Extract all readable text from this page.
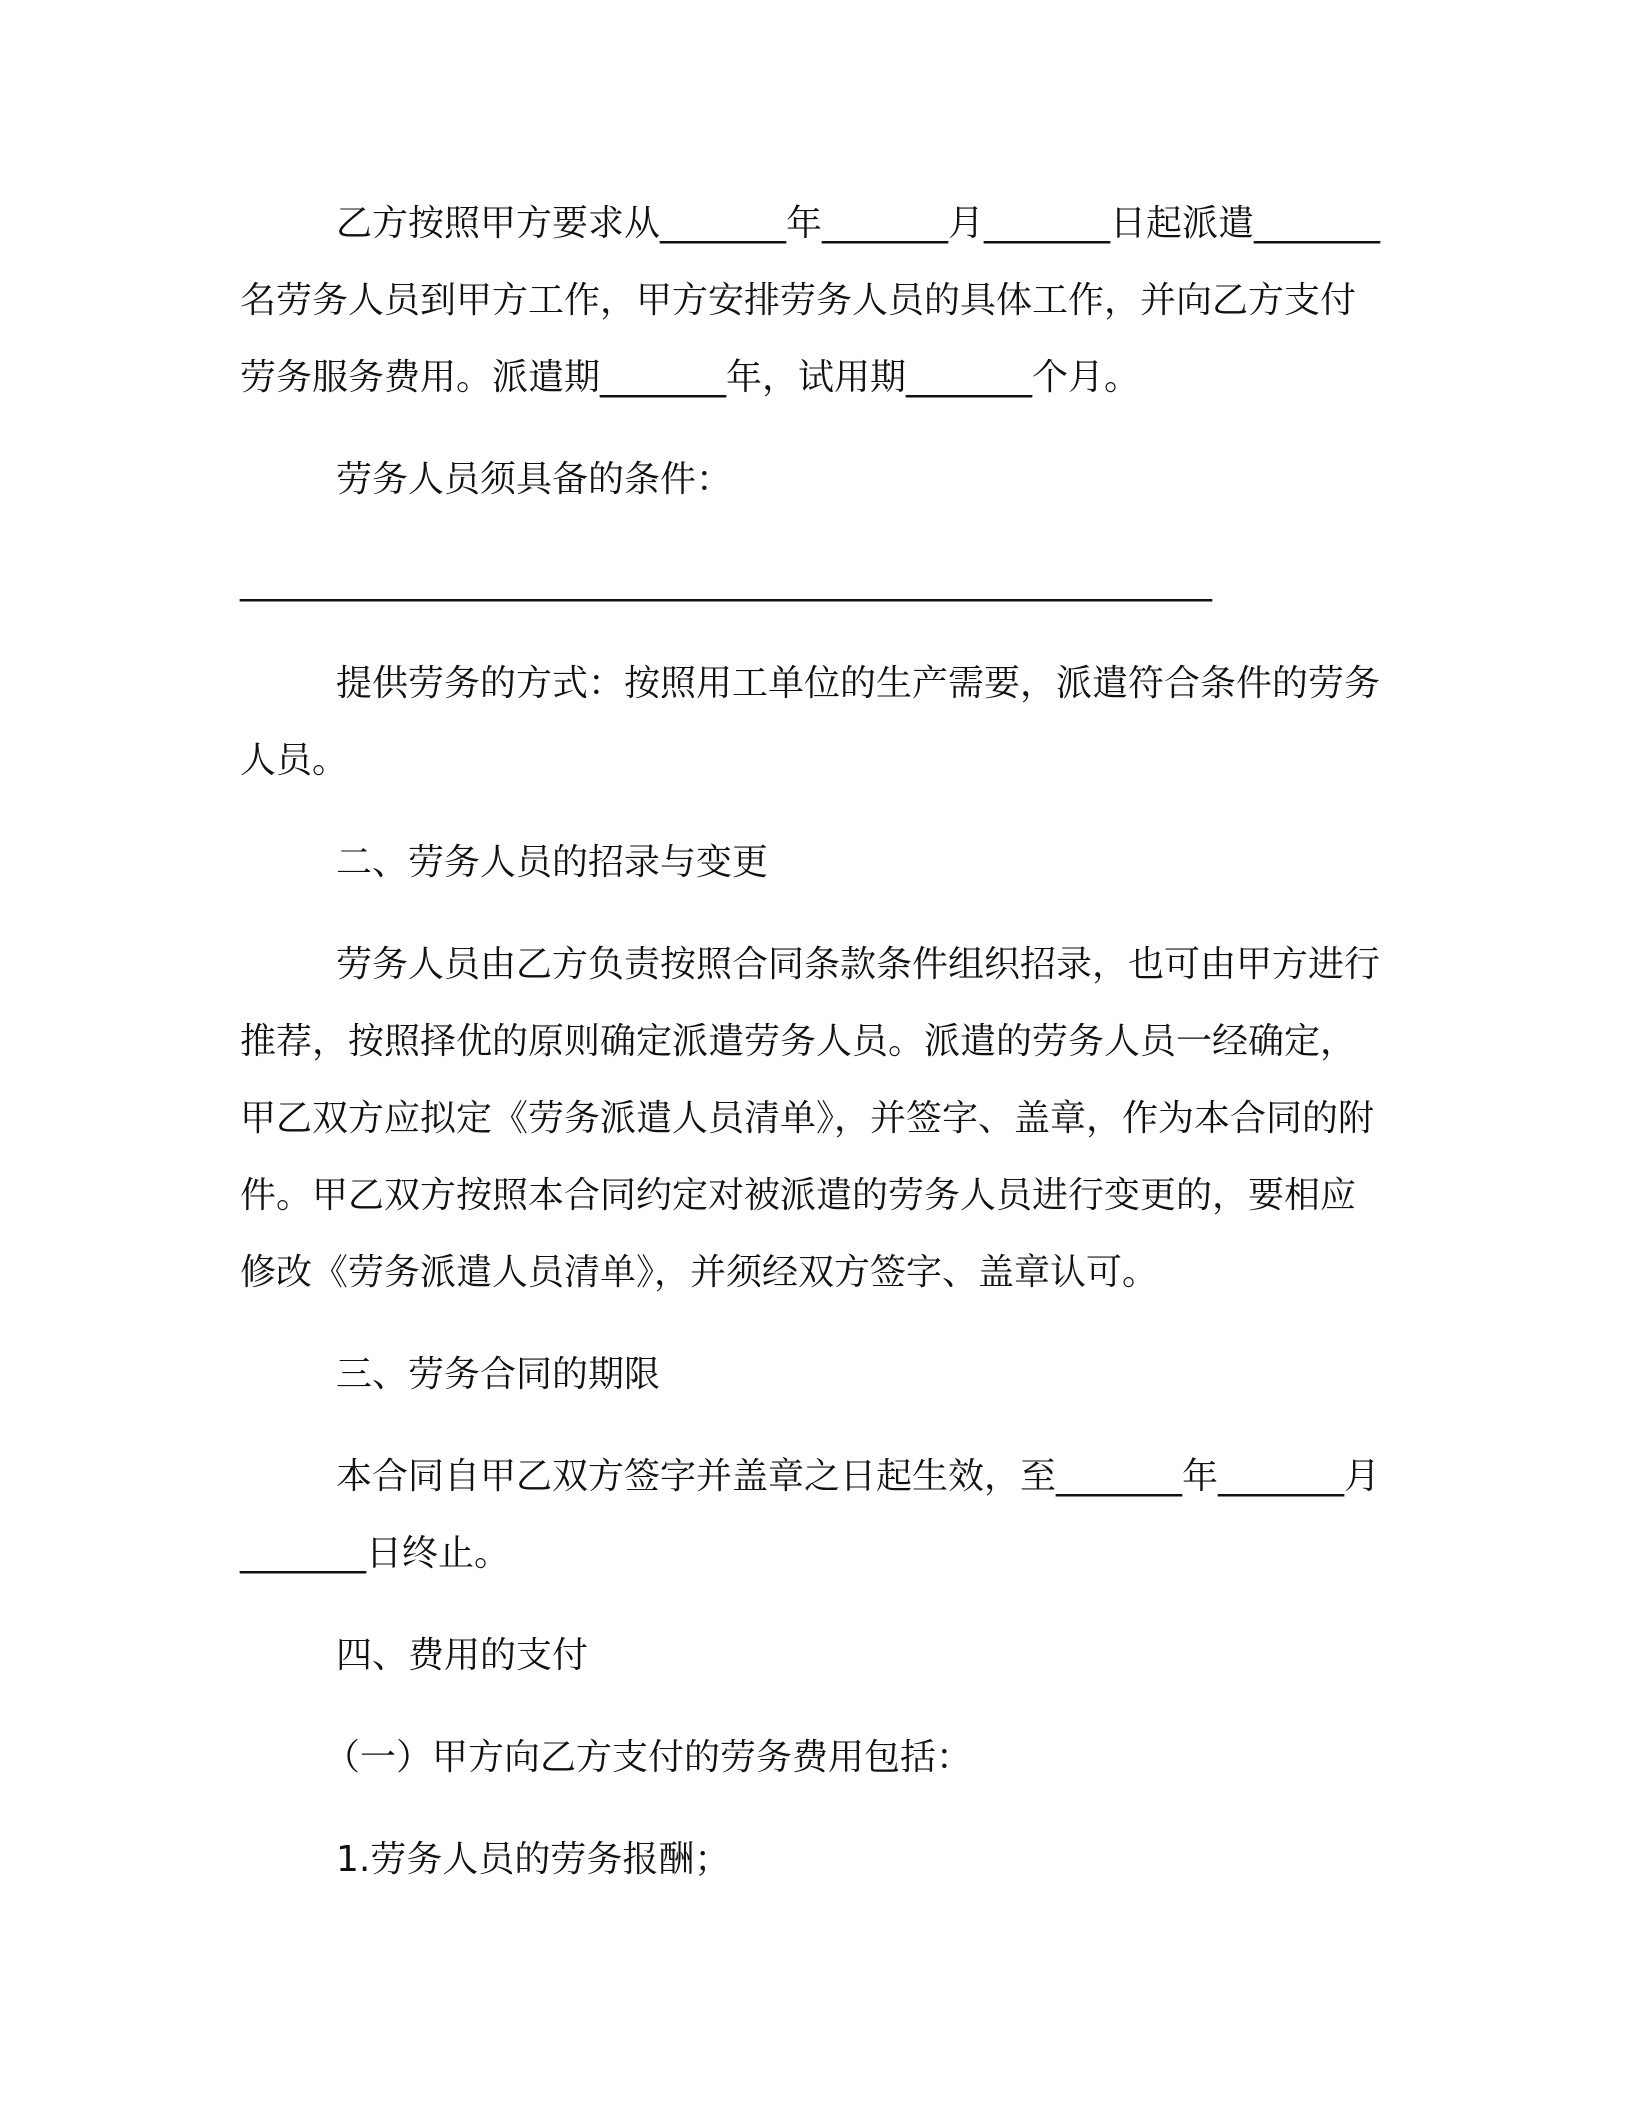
乙方按照甲方要求从_______年_______月_______日起派遣_______名劳务人员到甲方工作，甲方安排劳务人员的具体工作，并向乙方支付劳务服务费用。派遣期_______年，试用期_______个月。

劳务人员须具备的条件：

______________________________________________________

提供劳务的方式：按照用工单位的生产需要，派遣符合条件的劳务人员。

二、劳务人员的招录与变更

劳务人员由乙方负责按照合同条款条件组织招录，也可由甲方进行推荐，按照择优的原则确定派遣劳务人员。派遣的劳务人员一经确定，甲乙双方应拟定《劳务派遣人员清单》，并签字、盖章，作为本合同的附件。甲乙双方按照本合同约定对被派遣的劳务人员进行变更的，要相应修改《劳务派遣人员清单》，并须经双方签字、盖章认可。

三、劳务合同的期限

本合同自甲乙双方签字并盖章之日起生效，至_______年_______月_______日终止。

四、费用的支付

（一）甲方向乙方支付的劳务费用包括：

1.劳务人员的劳务报酬；
